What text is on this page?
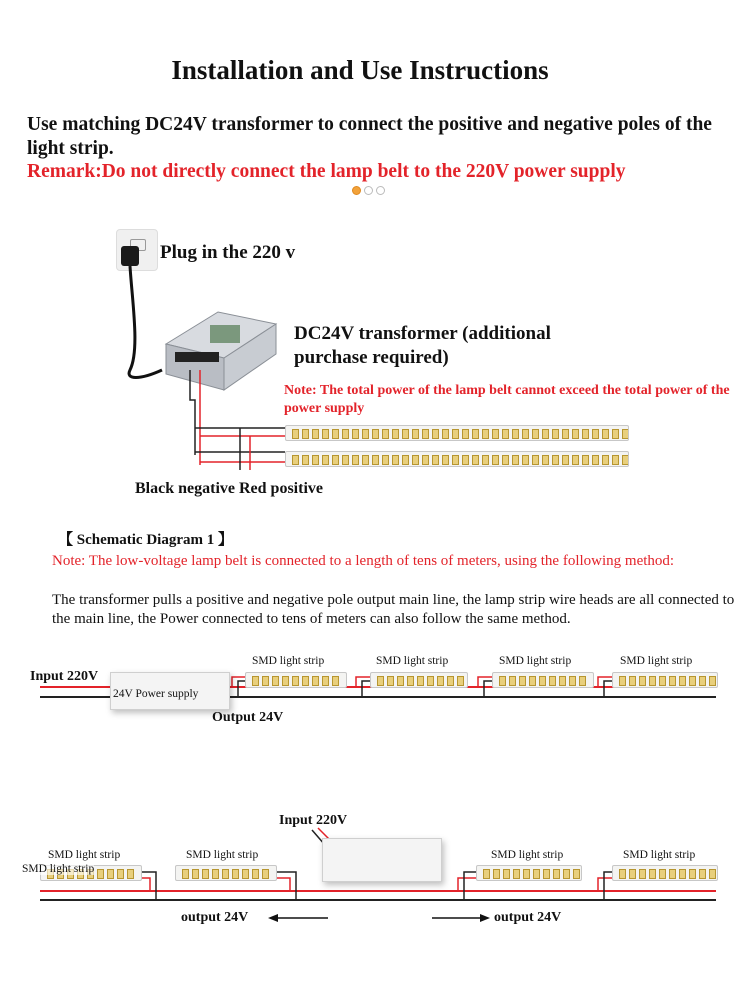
Installation and Use Instructions
Use matching DC24V transformer to connect the positive and negative poles of the light strip.
Remark:Do not directly connect the lamp belt to the 220V power supply
Plug in the 220 v
DC24V transformer (additional purchase required)
Note: The total power of the lamp belt cannot exceed the total power of the power supply
Black negative Red positive
【 Schematic Diagram 1 】
Note: The low-voltage lamp belt is connected to a length of tens of meters, using the following method:
The transformer pulls a positive and negative pole output main line, the lamp strip wire heads are all connected to the main line, the Power connected to tens of meters can also follow the same method.
24V Power supply
Input 220V
Output 24V
SMD light strip	SMD light strip	SMD light strip	SMD light strip
Input 220V
SMD light strip
SMD light strip
SMD light strip	SMD light strip	SMD light strip
output 24V	output 24V
